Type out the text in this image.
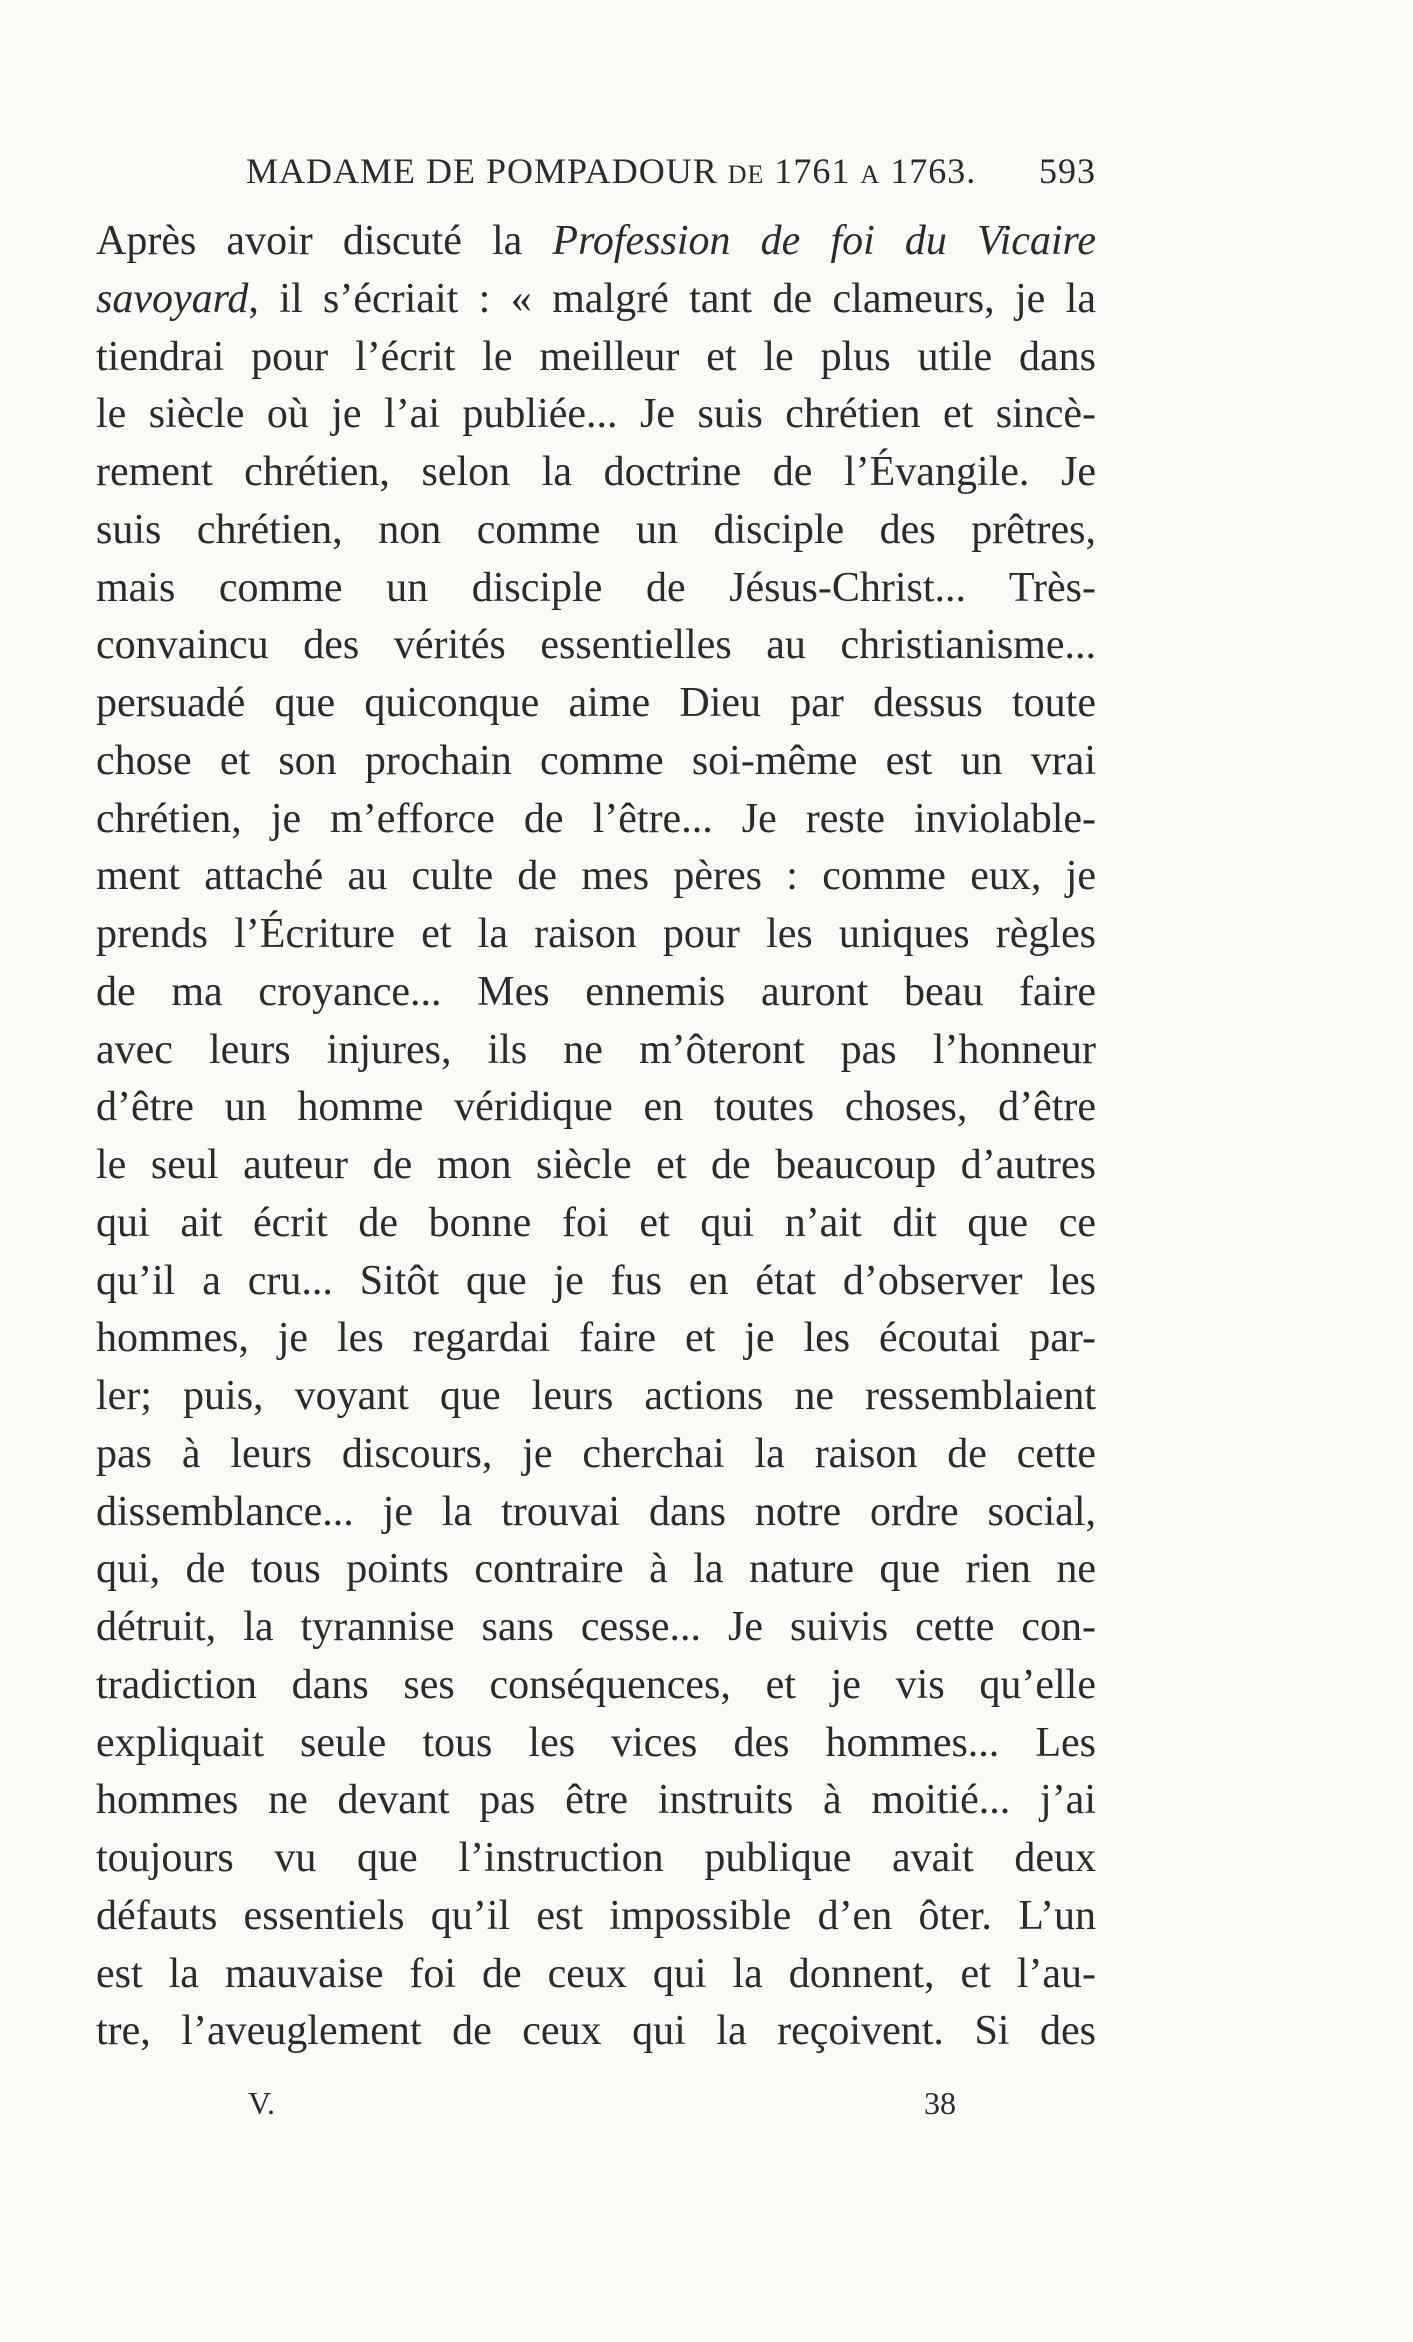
MADAME DE POMPADOUR DE 1761 A 1763. 593
Après avoir discuté la Profession de foi du Vicaire
savoyard, il s’écriait : « malgré tant de clameurs, je la
tiendrai pour l’écrit le meilleur et le plus utile dans
le siècle où je l’ai publiée... Je suis chrétien et sincè-
rement chrétien, selon la doctrine de l’Évangile. Je
suis chrétien, non comme un disciple des prêtres,
mais comme un disciple de Jésus-Christ... Très-
convaincu des vérités essentielles au christianisme...
persuadé que quiconque aime Dieu par dessus toute
chose et son prochain comme soi-même est un vrai
chrétien, je m’efforce de l’être... Je reste inviolable-
ment attaché au culte de mes pères : comme eux, je
prends l’Écriture et la raison pour les uniques règles
de ma croyance... Mes ennemis auront beau faire
avec leurs injures, ils ne m’ôteront pas l’honneur
d’être un homme véridique en toutes choses, d’être
le seul auteur de mon siècle et de beaucoup d’autres
qui ait écrit de bonne foi et qui n’ait dit que ce
qu’il a cru... Sitôt que je fus en état d’observer les
hommes, je les regardai faire et je les écoutai par-
ler; puis, voyant que leurs actions ne ressemblaient
pas à leurs discours, je cherchai la raison de cette
dissemblance... je la trouvai dans notre ordre social,
qui, de tous points contraire à la nature que rien ne
détruit, la tyrannise sans cesse... Je suivis cette con-
tradiction dans ses conséquences, et je vis qu’elle
expliquait seule tous les vices des hommes... Les
hommes ne devant pas être instruits à moitié... j’ai
toujours vu que l’instruction publique avait deux
défauts essentiels qu’il est impossible d’en ôter. L’un
est la mauvaise foi de ceux qui la donnent, et l’au-
tre, l’aveuglement de ceux qui la reçoivent. Si des
V.	38
